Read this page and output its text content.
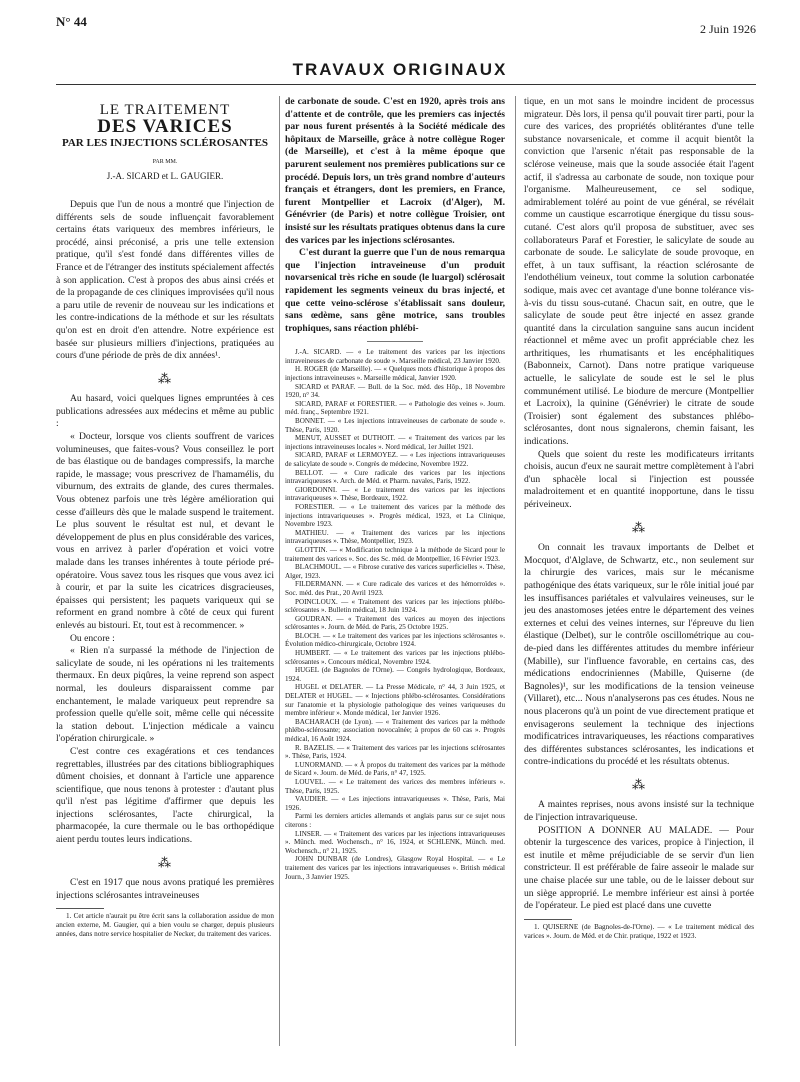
N° 44	2 Juin 1926
TRAVAUX ORIGINAUX
LE TRAITEMENT
DES VARICES
PAR LES INJECTIONS SCLÉROSANTES
PAR MM.
J.-A. SICARD et L. GAUGIER.

Depuis que l'un de nous a montré que l'injection de différents sels de soude influençait favorablement certains états variqueux des membres inférieurs, le procédé, ainsi préconisé, a pris une telle extension pratique, qu'il s'est fondé dans différentes villes de France et de l'étranger des instituts spécialement affectés à son application. C'est à propos des abus ainsi créés et de la propagande de ces cliniques improvisées qu'il nous a paru utile de revenir de nouveau sur les indications et les contre-indications de la méthode et sur les résultats qu'on est en droit d'en attendre. Notre expérience est basée sur plusieurs milliers d'injections, pratiquées au cours d'une période de près de dix années¹.

⁂

Au hasard, voici quelques lignes empruntées à ces publications adressées aux médecins et même au public :

« Docteur, lorsque vos clients souffrent de varices volumineuses, que faites-vous? Vous conseillez le port de bas élastique ou de bandages compressifs, la marche rapide, le massage; vous prescrivez de l'hamamélis, du viburnum, des extraits de glande, des cures thermales. Vous obtenez parfois une très légère amélioration qui cesse d'ailleurs dès que le malade suspend le traitement. Le plus souvent le résultat est nul, et devant le développement de plus en plus considérable des varices, vous en arrivez à parler d'opération et voici votre malade dans les transes inhérentes à toute période pré-opératoire. Vous savez tous les risques que vous avez ici à courir, et par la suite les cicatrices disgracieuses, épaisses qui persistent; les paquets variqueux qui se reforment en grand nombre à côté de ceux qui furent enlevés au bistouri. Et, tout est à recommencer. »

Ou encore :

« Rien n'a surpassé la méthode de l'injection de salicylate de soude, ni les opérations ni les traitements thermaux. En deux piqûres, la veine reprend son aspect normal, les douleurs disparaissent comme par enchantement, le malade variqueux peut reprendre sa profession quelle qu'elle soit, même celle qui nécessite la station debout. L'injection médicale a vaincu l'opération chirurgicale. »

C'est contre ces exagérations et ces tendances regrettables, illustrées par des citations bibliographiques dûment choisies, et donnant à l'article une apparence scientifique, que nous tenons à protester : d'autant plus qu'il n'est pas légitime d'affirmer que depuis les injections sclérosantes, l'acte chirurgical, la pharmacopée, la cure thermale ou le bas orthopédique aient perdu toutes leurs indications.

⁂

C'est en 1917 que nous avons pratiqué les premières injections sclérosantes intraveineuses

1. Cet article n'aurait pu être écrit sans la collaboration assidue de mon ancien externe, M. Gaugier, qui a bien voulu se charger, depuis plusieurs années, dans notre service hospitalier de Necker, du traitement des varices.

de carbonate de soude. C'est en 1920, après trois ans d'attente et de contrôle, que les premiers cas injectés par nous furent présentés à la Société médicale des hôpitaux de Marseille, grâce à notre collègue Roger (de Marseille), et c'est à la même époque que parurent seulement nos premières publications sur ce procédé. Depuis lors, un très grand nombre d'auteurs français et étrangers, dont les premiers, en France, furent Montpellier et Lacroix (d'Alger), M. Génévrier (de Paris) et notre collègue Troisier, ont insisté sur les résultats pratiques obtenus dans la cure des varices par les injections sclérosantes.

C'est durant la guerre que l'un de nous remarqua que l'injection intraveineuse d'un produit novarsenical très riche en soude (le luargol) sclérosait rapidement les segments veineux du bras injecté, et que cette veino-sclérose s'établissait sans douleur, sans œdème, sans gêne motrice, sans troubles trophiques, sans réaction phlébi-

J.-A. SICARD. — « Le traitement des varices par les injections intraveineuses de carbonate de soude ». Marseille médical, 23 Janvier 1920.
H. ROGER (de Marseille). — « Quelques mots d'historique à propos des injections intraveineuses ». Marseille médical, Janvier 1920.
SICARD et PARAF. — Bull. de la Soc. méd. des Hôp., 18 Novembre 1920, n° 34.
SICARD, PARAF et FORESTIER. — « Pathologie des veines ». Journ. méd. franç., Septembre 1921.
BONNET. — « Les injections intraveineuses de carbonate de soude ». Thèse, Paris, 1920.
MENUT, AUSSET et DUTHOIT. — « Traitement des varices par les injections intraveineuses locales ». Nord médical, 1er Juillet 1921.
SICARD, PARAF et LERMOYEZ. — « Les injections intravariqueuses de salicylate de soude ». Congrès de médecine, Novembre 1922.
BELLOT. — « Cure radicale des varices par les injections intravariqueuses ». Arch. de Méd. et Pharm. navales, Paris, 1922.
GIORDONNI. — « Le traitement des varices par les injections intravariqueuses ». Thèse, Bordeaux, 1922.
FORESTIER. — « Le traitement des varices par la méthode des injections intravariqueuses ». Progrès médical, 1923, et La Clinique, Novembre 1923.
MATHIEU. — « Traitement des varices par les injections intravariqueuses ». Thèse, Montpellier, 1923.
GLOTTIN. — « Modification technique à la méthode de Sicard pour le traitement des varices ». Soc. des Sc. méd. de Montpellier, 16 Février 1923.
BLACHMOUL. — « Fibrose curative des varices superficielles ». Thèse, Alger, 1923.
FILDERMANN. — « Cure radicale des varices et des hémorroïdes ». Soc. méd. des Prat., 20 Avril 1923.
POINCLOUX. — « Traitement des varices par les injections phlébo-sclérosantes ». Bulletin médical, 18 Juin 1924.
GOUDRAN. — « Traitement des varices au moyen des injections sclérosantes ». Journ. de Méd. de Paris, 25 Octobre 1925.
BLOCH. — « Le traitement des varices par les injections sclérosantes ». Évolution médico-chirurgicale, Octobre 1924.
HUMBERT. — « Le traitement des varices par les injections phlébo-sclérosantes ». Concours médical, Novembre 1924.
HUGEL (de Bagnoles de l'Orne). — Congrès hydrologique, Bordeaux, 1924.
HUGEL et DELATER. — La Presse Médicale, n° 44, 3 Juin 1925, et DELATER et HUGEL. — « Injections phlébo-sclérosantes. Considérations sur l'anatomie et la physiologie pathologique des veines variqueuses du membre inférieur ». Monde médical, 1er Janvier 1926.
BACHARACH (de Lyon). — « Traitement des varices par la méthode phlébo-sclérosante; association novocaïnée; à propos de 60 cas ». Progrès médical, 16 Août 1924.
R. BAZELIS. — « Traitement des varices par les injections sclérosantes ». Thèse, Paris, 1924.
LUNORMAND. — « À propos du traitement des varices par la méthode de Sicard ». Journ. de Méd. de Paris, n° 47, 1925.
LOUVEL. — « Le traitement des varices des membres inférieurs ». Thèse, Paris, 1925.
VAUDIER. — « Les injections intravariqueuses ». Thèse, Paris, Mai 1926.
Parmi les derniers articles allemands et anglais parus sur ce sujet nous citerons :
LINSER. — « Traitement des varices par les injections intravariqueuses ». Münch. med. Wochensch., n° 16, 1924, et SCHLENK, Münch. med. Wochensch., n° 21, 1925.
JOHN DUNBAR (de Londres), Glasgow Royal Hospital. — « Le traitement des varices par les injections intravariqueuses ». British médical Journ., 3 Janvier 1925.

tique, en un mot sans le moindre incident de processus migrateur. Dès lors, il pensa qu'il pouvait tirer parti, pour la cure des varices, des propriétés oblitérantes d'une telle substance novarsenicale, et comme il acquit bientôt la conviction que l'arsenic n'était pas responsable de la sclérose veineuse, mais que la soude associée était l'agent actif, il s'adressa au carbonate de soude, non toxique pour l'organisme. Malheureusement, ce sel sodique, admirablement toléré au point de vue général, se révélait comme un caustique escarrotique énergique du tissu sous-cutané. C'est alors qu'il proposa de substituer, avec ses collaborateurs Paraf et Forestier, le salicylate de soude au carbonate de soude. Le salicylate de soude provoque, en effet, à un taux suffisant, la réaction sclérosante de l'endothélium veineux, tout comme la solution carbonatée sodique, mais avec cet avantage d'une bonne tolérance vis-à-vis du tissu sous-cutané. Chacun sait, en outre, que le salicylate de soude peut être injecté en assez grande quantité dans la circulation sanguine sans aucun incident réactionnel et même avec un profit appréciable chez les arthritiques, les rhumatisants et les encéphalitiques (Babonneix, Carnot). Dans notre pratique variqueuse actuelle, le salicylate de soude est le sel le plus communément utilisé. Le biodure de mercure (Montpellier et Lacroix), la quinine (Génévrier) le citrate de soude (Troisier) sont également des substances phlébo-sclérosantes, dont nous signalerons, chemin faisant, les indications.

Quels que soient du reste les modificateurs irritants choisis, aucun d'eux ne saurait mettre complètement à l'abri d'un sphacèle local si l'injection est poussée maladroitement et en quantité inopportune, dans le tissu périveineux.

⁂

On connait les travaux importants de Delbet et Mocquot, d'Alglave, de Schwartz, etc., non seulement sur la chirurgie des varices, mais sur le mécanisme pathogénique des états variqueux, sur le rôle initial joué par les insuffisances pariétales et valvulaires veineuses, sur le jeu des anastomoses jetées entre le département des veines externes et celui des veines internes, sur l'épreuve du lien élastique (Delbet), sur le contrôle oscillométrique au cou-de-pied dans les différentes attitudes du membre inférieur (Mabille), sur l'influence favorable, en certains cas, des médications endocriniennes (Mabille, Quiserne (de Bagnoles)¹, sur les modifications de la tension veineuse (Villaret), etc... Nous n'analyserons pas ces études. Nous ne nous placerons qu'à un point de vue directement pratique et envisagerons seulement la technique des injections modificatrices intravariqueuses, les réactions comparatives des différentes substances sclérosantes, les indications et contre-indications du procédé et les résultats obtenus.

⁂

A maintes reprises, nous avons insisté sur la technique de l'injection intravariqueuse.

POSITION A DONNER AU MALADE. — Pour obtenir la turgescence des varices, propice à l'injection, il est inutile et même préjudiciable de se servir d'un lien constricteur. Il est préférable de faire asseoir le malade sur une chaise placée sur une table, ou de le laisser debout sur un siège approprié. Le membre inférieur est ainsi à portée de l'opérateur. Le pied est placé dans une cuvette

1. QUISERNE (de Bagnoles-de-l'Orne). — « Le traitement médical des varices ». Journ. de Méd. et de Chir. pratique, 1922 et 1923.
